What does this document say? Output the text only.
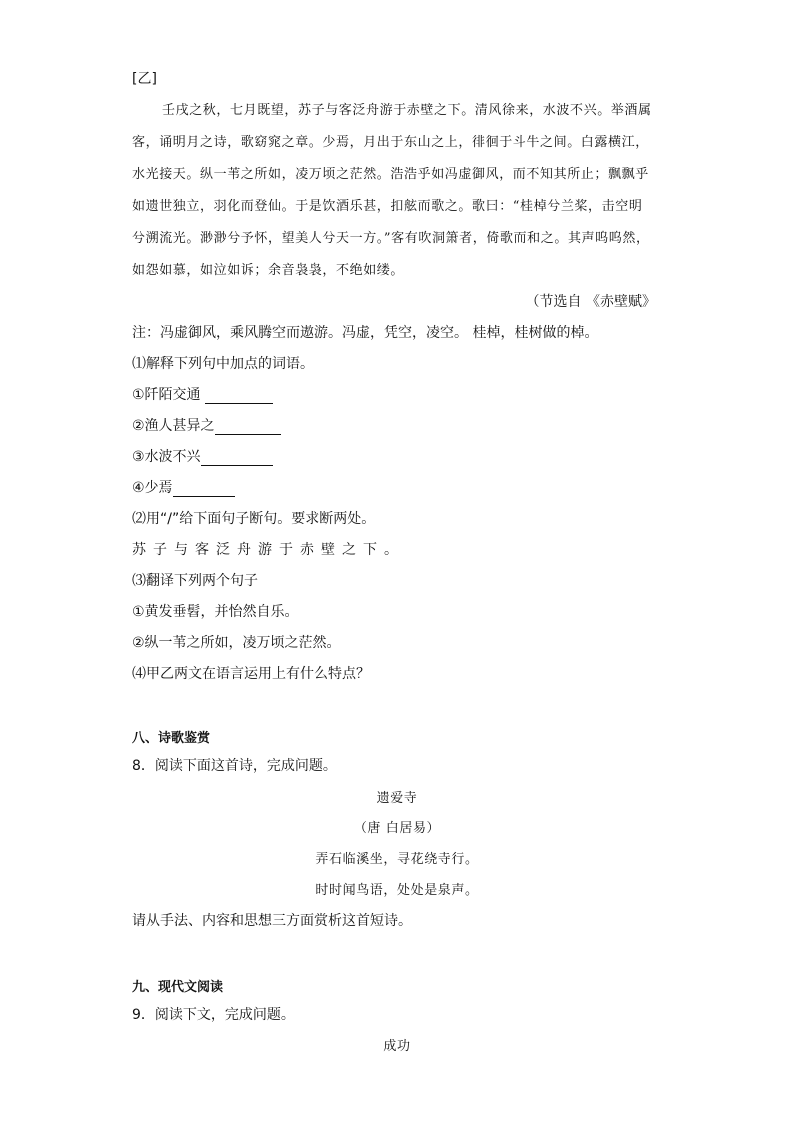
[乙]
壬戌之秋，七月既望，苏子与客泛舟游于赤壁之下。清风徐来，水波不兴。举酒属
客，诵明月之诗，歌窈窕之章。少焉，月出于东山之上，徘徊于斗牛之间。白露横江，
水光接天。纵一苇之所如，凌万顷之茫然。浩浩乎如冯虚御风，而不知其所止；飘飘乎
如遗世独立，羽化而登仙。于是饮酒乐甚，扣舷而歌之。歌曰：“桂棹兮兰桨，击空明
兮溯流光。渺渺兮予怀，望美人兮天一方。”客有吹洞箫者，倚歌而和之。其声呜呜然，
如怨如慕，如泣如诉；余音袅袅，不绝如缕。
（节选自 《赤壁赋》
注：冯虚御风，乘风腾空而遨游。冯虚，凭空，凌空。 桂棹，桂树做的棹。
⑴解释下列句中加点的词语。
①阡陌交通
②渔人甚异之
③水波不兴
④少焉
⑵用“/”给下面句子断句。要求断两处。
苏子与客泛舟游于赤壁之下。
⑶翻译下列两个句子
①黄发垂髫，并怡然自乐。
②纵一苇之所如，凌万顷之茫然。
⑷甲乙两文在语言运用上有什么特点？
八、诗歌鉴赏
8．阅读下面这首诗，完成问题。
遗爱寺
（唐 白居易）
弄石临溪坐，寻花绕寺行。
时时闻鸟语，处处是泉声。
请从手法、内容和思想三方面赏析这首短诗。
九、现代文阅读
9．阅读下文，完成问题。
成功
